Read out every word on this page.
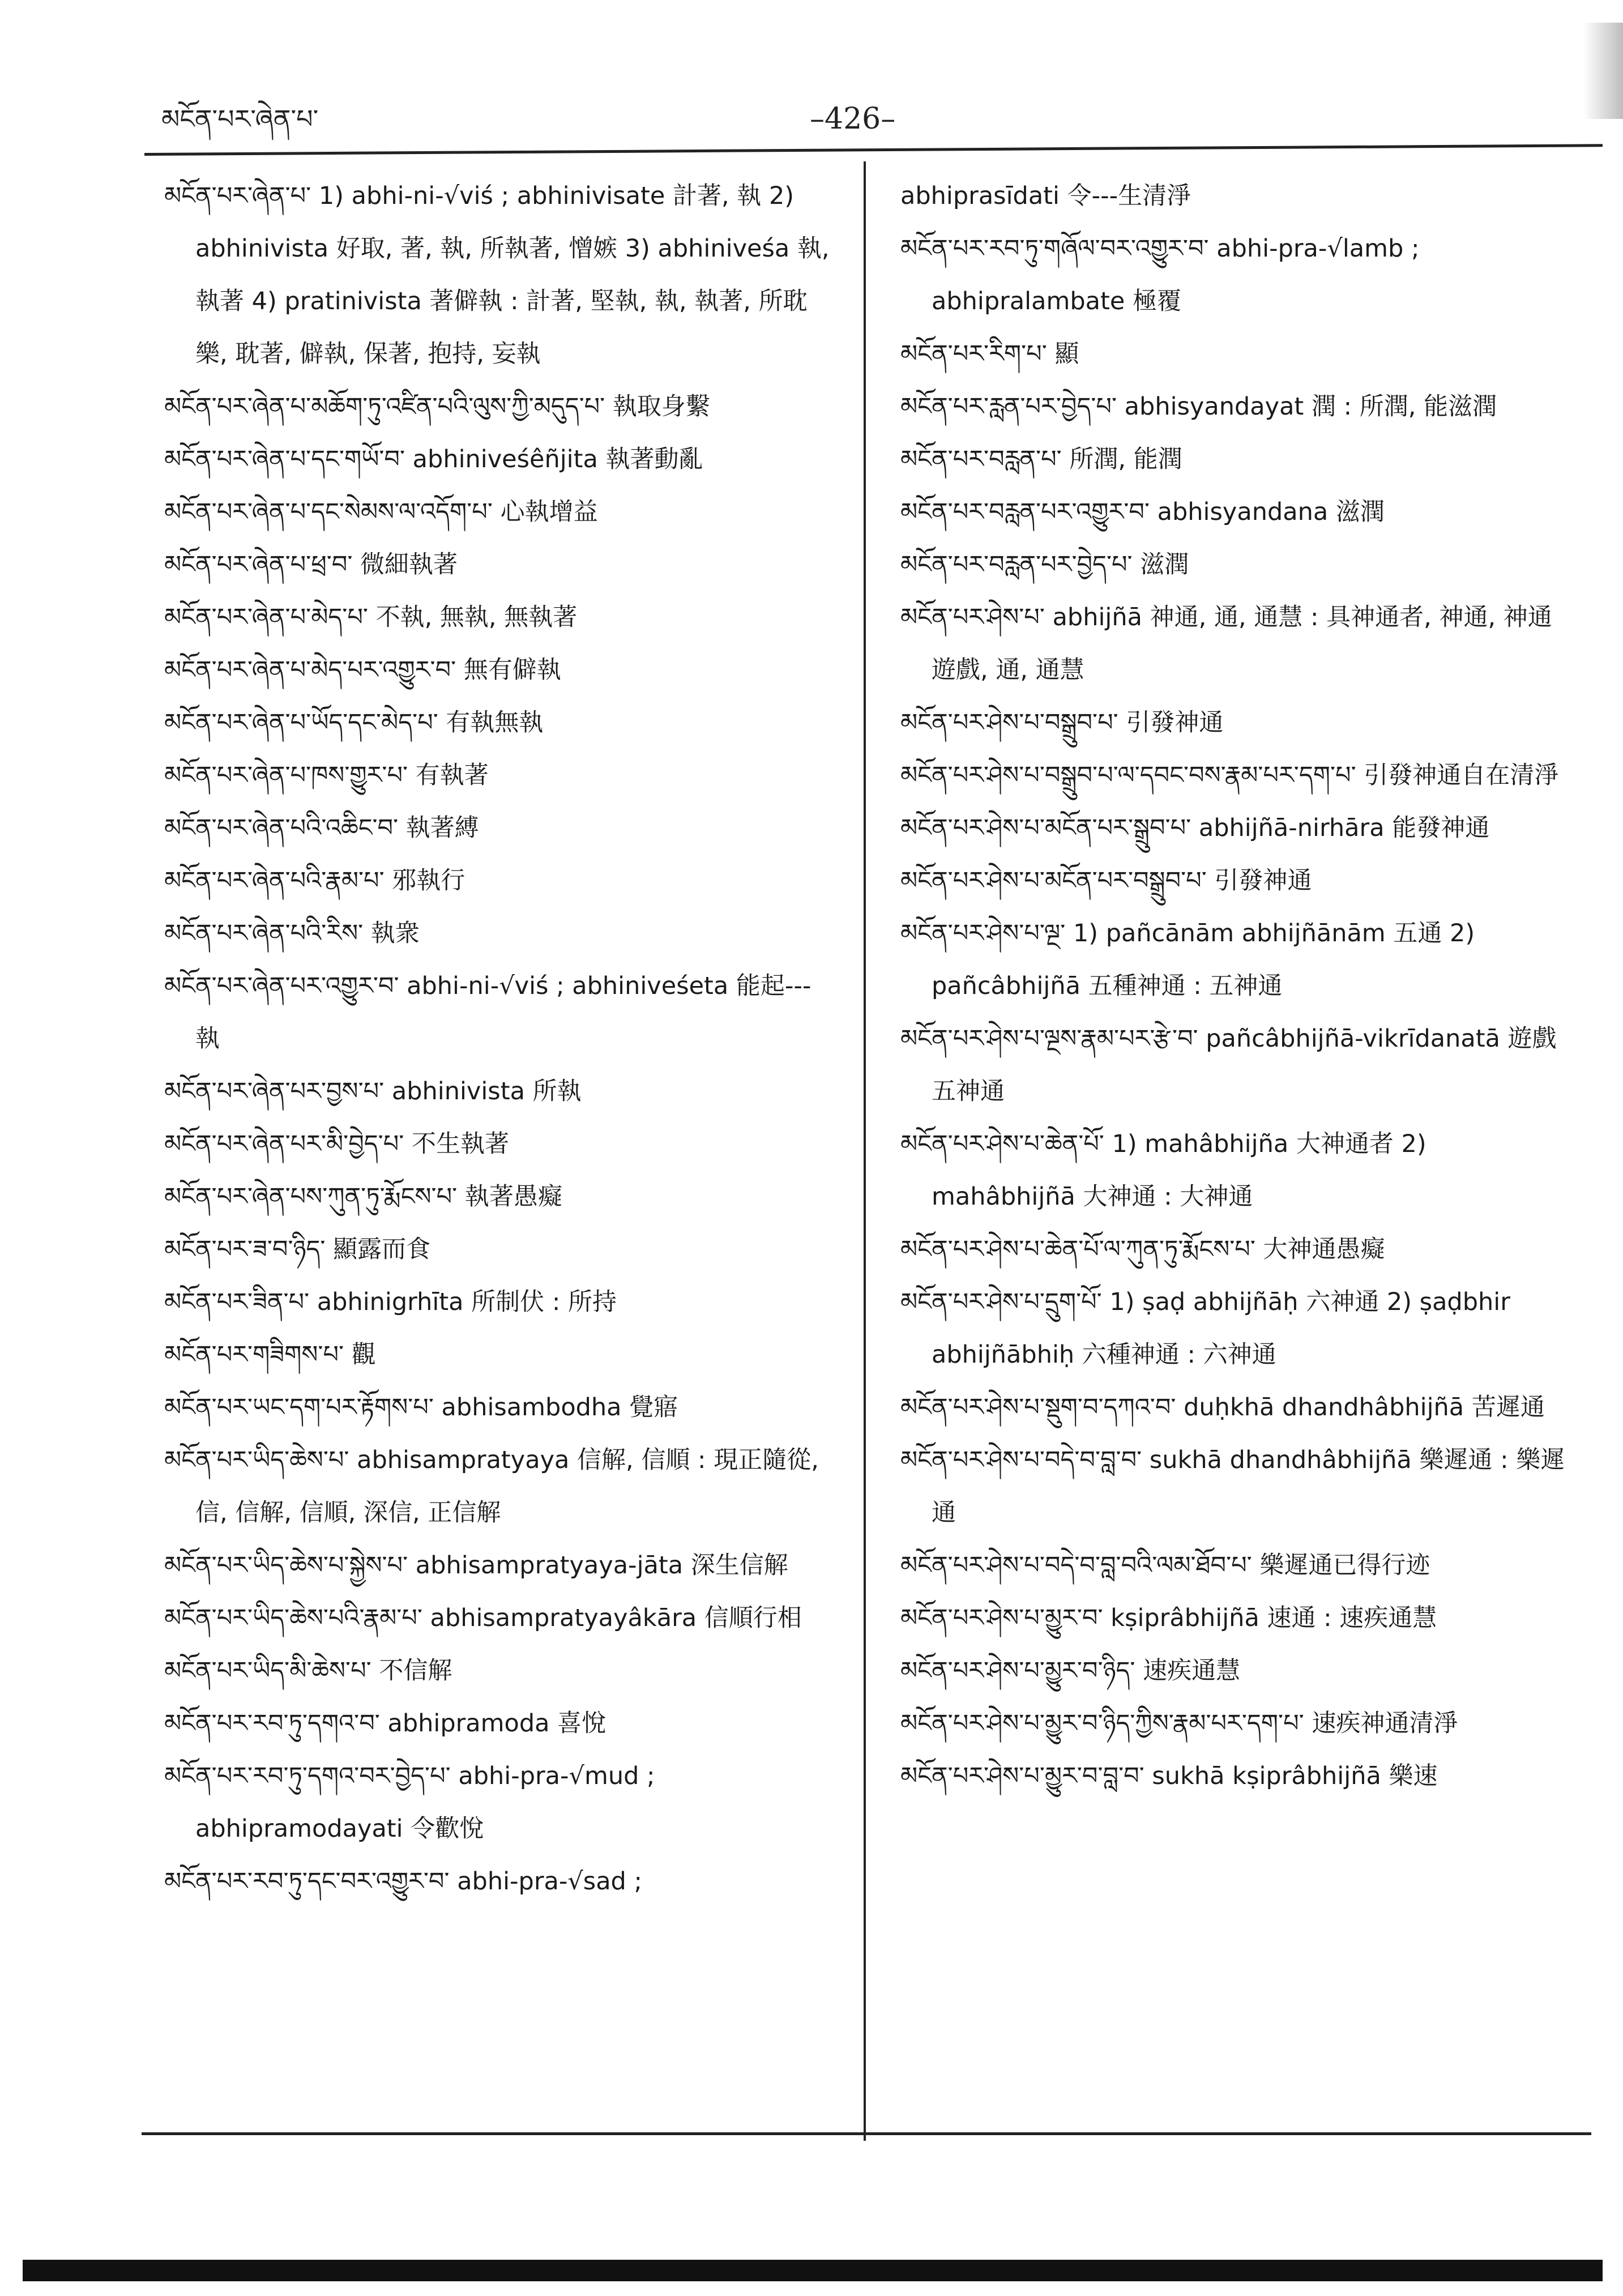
མངོན་པར་ཞེན་པ་	–426–

མངོན་པར་ཞེན་པ་ 1) abhi-ni-√viś ; abhinivisate 計著, 執 2) abhinivista 好取, 著, 執, 所執著, 憎嫉 3) abhiniveśa 執, 執著 4) pratinivista 著僻執 : 計著, 堅執, 執, 執著, 所耽樂, 耽著, 僻執, 保著, 抱持, 妄執

མངོན་པར་ཞེན་པ་མཆོག་ཏུ་འཛིན་པའི་ལུས་ཀྱི་མདུད་པ་ 執取身繫

མངོན་པར་ཞེན་པ་དང་གཡོ་བ་ abhiniveśêñjita 執著動亂

མངོན་པར་ཞེན་པ་དང་སེམས་ལ་འདོག་པ་ 心執增益

མངོན་པར་ཞེན་པ་ཕྲ་བ་ 微細執著

མངོན་པར་ཞེན་པ་མེད་པ་ 不執, 無執, 無執著

མངོན་པར་ཞེན་པ་མེད་པར་འགྱུར་བ་ 無有僻執

མངོན་པར་ཞེན་པ་ཡོད་དང་མེད་པ་ 有執無執

མངོན་པར་ཞེན་པ་ཁས་གྱུར་པ་ 有執著

མངོན་པར་ཞེན་པའི་འཆིང་བ་ 執著縛

མངོན་པར་ཞེན་པའི་རྣམ་པ་ 邪執行

མངོན་པར་ཞེན་པའི་རིས་ 執衆

མངོན་པར་ཞེན་པར་འགྱུར་བ་ abhi-ni-√viś ; abhiniveśeta 能起---執

མངོན་པར་ཞེན་པར་བྱས་པ་ abhinivista 所執

མངོན་པར་ཞེན་པར་མི་བྱེད་པ་ 不生執著

མངོན་པར་ཞེན་པས་ཀུན་ཏུ་རྨོངས་པ་ 執著愚癡

མངོན་པར་ཟ་བ་ཉིད་ 顯露而食

མངོན་པར་ཟིན་པ་ abhinigrhīta 所制伏 : 所持

མངོན་པར་གཟིགས་པ་ 觀

མངོན་པར་ཡང་དག་པར་རྟོགས་པ་ abhisambodha 覺寤

མངོན་པར་ཡིད་ཆེས་པ་ abhisampratyaya 信解, 信順 : 現正隨從, 信, 信解, 信順, 深信, 正信解

མངོན་པར་ཡིད་ཆེས་པ་སྐྱེས་པ་ abhisampratyaya-jāta 深生信解

མངོན་པར་ཡིད་ཆེས་པའི་རྣམ་པ་ abhisampratyayâkāra 信順行相

མངོན་པར་ཡིད་མི་ཆེས་པ་ 不信解

མངོན་པར་རབ་ཏུ་དགའ་བ་ abhipramoda 喜悅

མངོན་པར་རབ་ཏུ་དགའ་བར་བྱེད་པ་ abhi-pra-√mud ; abhipramodayati 令歡悅

མངོན་པར་རབ་ཏུ་དང་བར་འགྱུར་བ་ abhi-pra-√sad ;

abhiprasīdati 令---生清淨

མངོན་པར་རབ་ཏུ་གཞོལ་བར་འགྱུར་བ་ abhi-pra-√lamb ; abhipralambate 極覆

མངོན་པར་རིག་པ་ 顯

མངོན་པར་རླན་པར་བྱེད་པ་ abhisyandayat 潤 : 所潤, 能滋潤

མངོན་པར་བརླན་པ་ 所潤, 能潤

མངོན་པར་བརླན་པར་འགྱུར་བ་ abhisyandana 滋潤

མངོན་པར་བརླན་པར་བྱེད་པ་ 滋潤

མངོན་པར་ཤེས་པ་ abhijñā 神通, 通, 通慧 : 具神通者, 神通, 神通遊戲, 通, 通慧

མངོན་པར་ཤེས་པ་བསྒྲུབ་པ་ 引發神通

མངོན་པར་ཤེས་པ་བསྒྲུབ་པ་ལ་དབང་བས་རྣམ་པར་དག་པ་ 引發神通自在清淨

མངོན་པར་ཤེས་པ་མངོན་པར་སྒྲུབ་པ་ abhijñā-nirhāra 能發神通

མངོན་པར་ཤེས་པ་མངོན་པར་བསྒྲུབ་པ་ 引發神通

མངོན་པར་ཤེས་པ་ལྔ་ 1) pañcānām abhijñānām 五通 2) pañcâbhijñā 五種神通 : 五神通

མངོན་པར་ཤེས་པ་ལྔས་རྣམ་པར་རྩེ་བ་ pañcâbhijñā-vikrīdanatā 遊戲五神通

མངོན་པར་ཤེས་པ་ཆེན་པོ་ 1) mahâbhijña 大神通者 2) mahâbhijñā 大神通 : 大神通

མངོན་པར་ཤེས་པ་ཆེན་པོ་ལ་ཀུན་ཏུ་རྨོངས་པ་ 大神通愚癡

མངོན་པར་ཤེས་པ་དྲུག་པོ་ 1) ṣaḍ abhijñāḥ 六神通 2) ṣaḍbhir abhijñābhiḥ 六種神通 : 六神通

མངོན་པར་ཤེས་པ་སྡུག་བ་དཀའ་བ་ duḥkhā dhandhâbhijñā 苦遲通

མངོན་པར་ཤེས་པ་བདེ་བ་བླ་བ་ sukhā dhandhâbhijñā 樂遲通 : 樂遲通

མངོན་པར་ཤེས་པ་བདེ་བ་བླ་བའི་ལམ་ཐོབ་པ་ 樂遲通已得行迹

མངོན་པར་ཤེས་པ་མྱུར་བ་ kṣiprâbhijñā 速通 : 速疾通慧

མངོན་པར་ཤེས་པ་མྱུར་བ་ཉིད་ 速疾通慧

མངོན་པར་ཤེས་པ་མྱུར་བ་ཉིད་ཀྱིས་རྣམ་པར་དག་པ་ 速疾神通清淨

མངོན་པར་ཤེས་པ་མྱུར་བ་བླ་བ་ sukhā kṣiprâbhijñā 樂速
